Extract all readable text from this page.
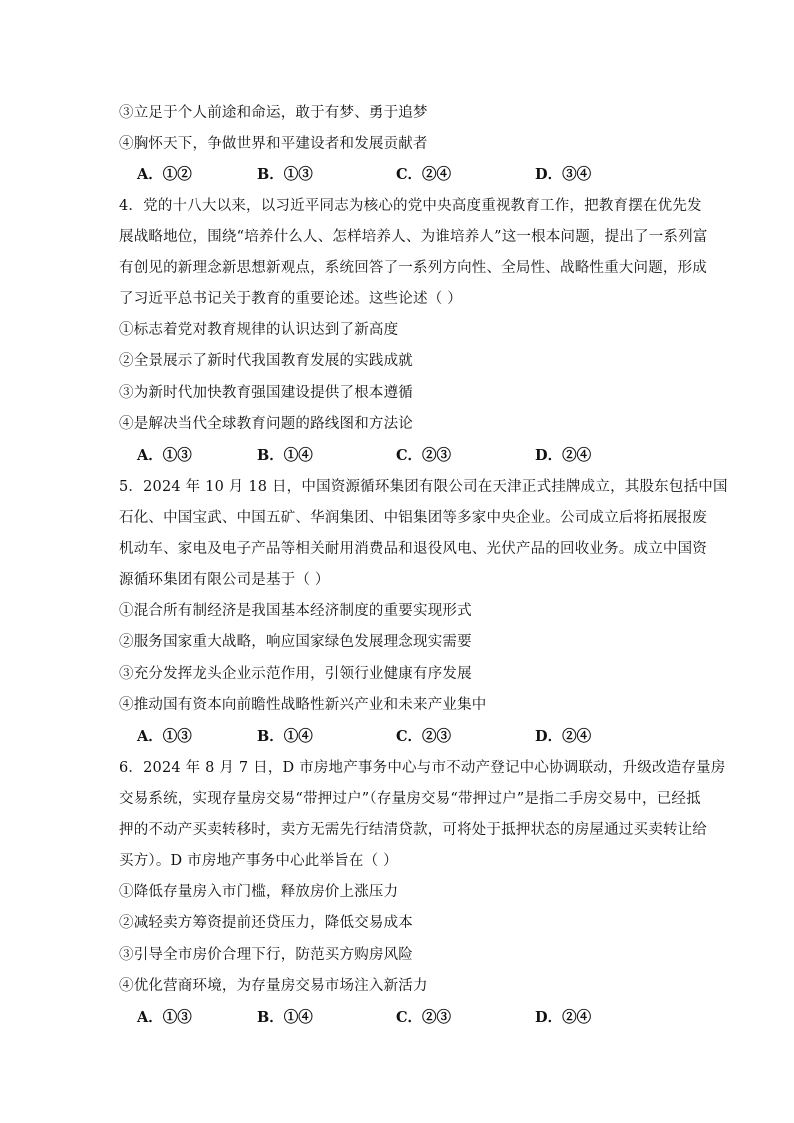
③立足于个人前途和命运，敢于有梦、勇于追梦
④胸怀天下，争做世界和平建设者和发展贡献者
A．①②	B．①③	C．②④	D．③④
4．党的十八大以来，以习近平同志为核心的党中央高度重视教育工作，把教育摆在优先发
展战略地位，围绕“培养什么人、怎样培养人、为谁培养人”这一根本问题，提出了一系列富
有创见的新理念新思想新观点，系统回答了一系列方向性、全局性、战略性重大问题，形成
了习近平总书记关于教育的重要论述。这些论述（ ）
①标志着党对教育规律的认识达到了新高度
②全景展示了新时代我国教育发展的实践成就
③为新时代加快教育强国建设提供了根本遵循
④是解决当代全球教育问题的路线图和方法论
A．①③	B．①④	C．②③	D．②④
5．2024 年 10 月 18 日，中国资源循环集团有限公司在天津正式挂牌成立，其股东包括中国
石化、中国宝武、中国五矿、华润集团、中铝集团等多家中央企业。公司成立后将拓展报废
机动车、家电及电子产品等相关耐用消费品和退役风电、光伏产品的回收业务。成立中国资
源循环集团有限公司是基于（ ）
①混合所有制经济是我国基本经济制度的重要实现形式
②服务国家重大战略，响应国家绿色发展理念现实需要
③充分发挥龙头企业示范作用，引领行业健康有序发展
④推动国有资本向前瞻性战略性新兴产业和未来产业集中
A．①③	B．①④	C．②③	D．②④
6．2024 年 8 月 7 日，D 市房地产事务中心与市不动产登记中心协调联动，升级改造存量房
交易系统，实现存量房交易“带押过户”（存量房交易“带押过户”是指二手房交易中，已经抵
押的不动产买卖转移时，卖方无需先行结清贷款，可将处于抵押状态的房屋通过买卖转让给
买方）。D 市房地产事务中心此举旨在（ ）
①降低存量房入市门槛，释放房价上涨压力
②减轻卖方筹资提前还贷压力，降低交易成本
③引导全市房价合理下行，防范买方购房风险
④优化营商环境，为存量房交易市场注入新活力
A．①③	B．①④	C．②③	D．②④
